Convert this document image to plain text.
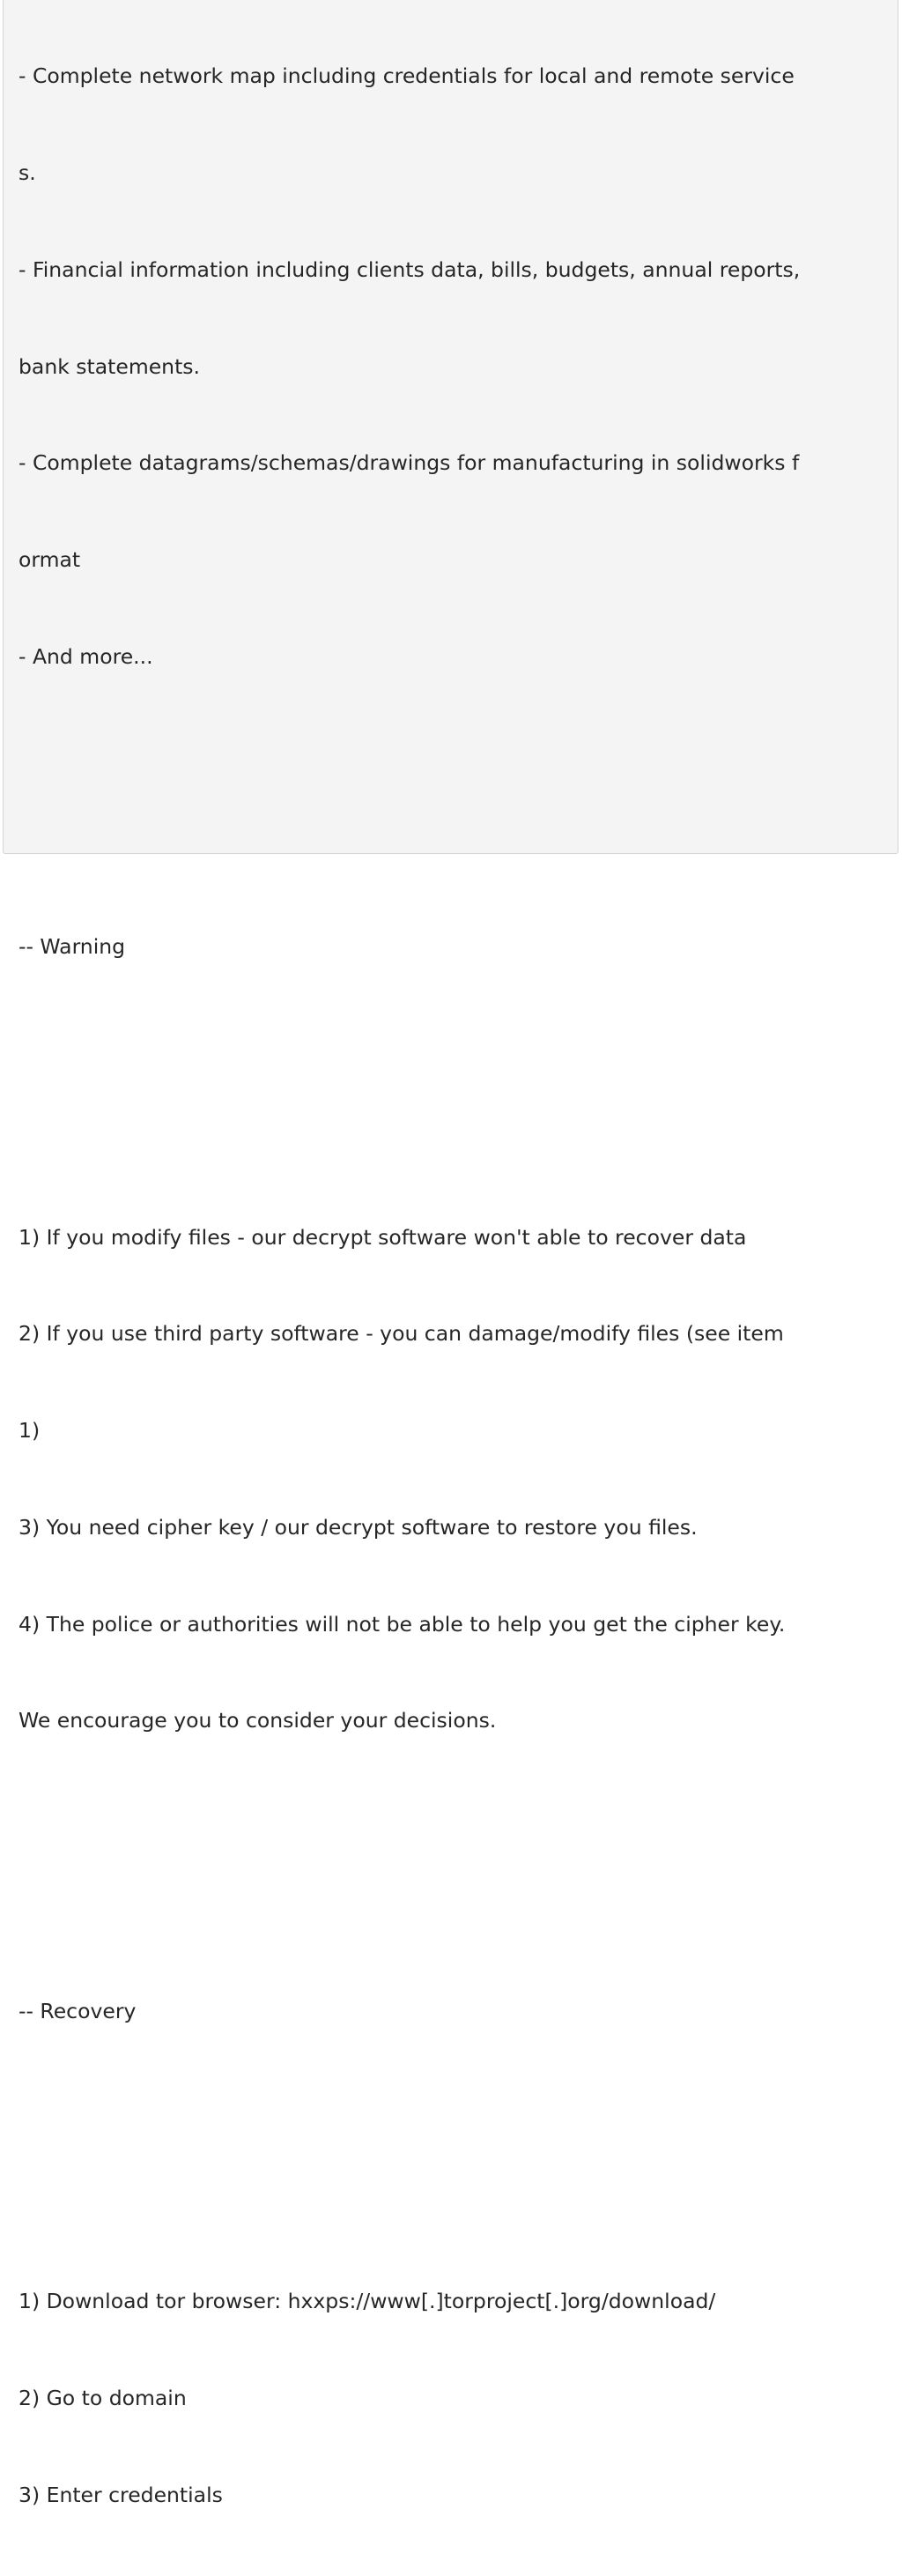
- Complete network map including credentials for local and remote service

s.

- Financial information including clients data, bills, budgets, annual reports,

bank statements.

- Complete datagrams/schemas/drawings for manufacturing in solidworks f

ormat

- And more...

-- Warning

1) If you modify files - our decrypt software won't able to recover data

2) If you use third party software - you can damage/modify files (see item

1)

3) You need cipher key / our decrypt software to restore you files.

4) The police or authorities will not be able to help you get the cipher key.

We encourage you to consider your decisions.

-- Recovery

1) Download tor browser: hxxps://www[.]torproject[.]org/download/

2) Go to domain

3) Enter credentials
